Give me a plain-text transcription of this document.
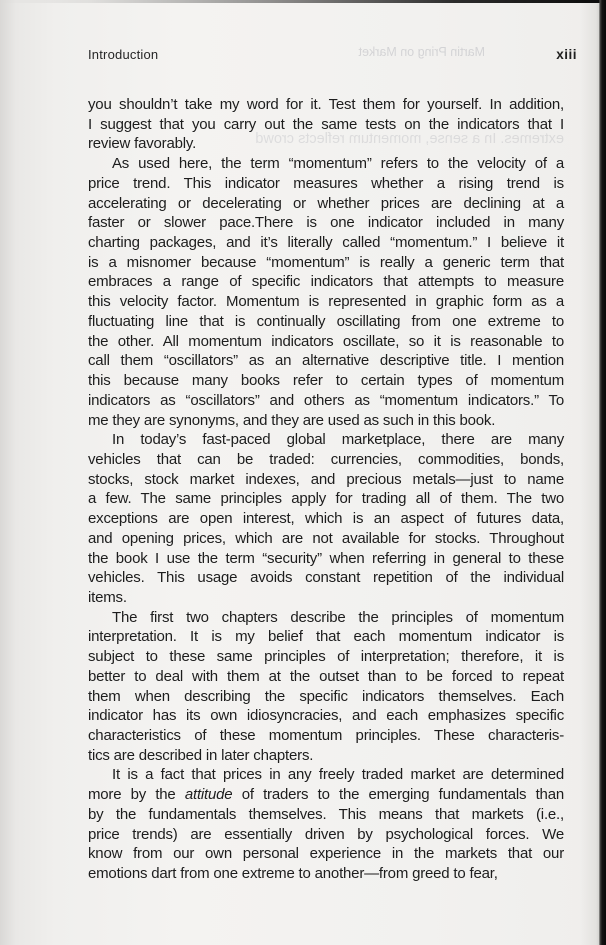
Martin Pring on Market
extremes. In a sense, momentum reflects crowd
Introduction	xiii
you shouldn’t take my word for it. Test them for yourself. In addition,
I suggest that you carry out the same tests on the indicators that I
review favorably.
As used here, the term “momentum” refers to the velocity of a
price trend. This indicator measures whether a rising trend is
accelerating or decelerating or whether prices are declining at a
faster or slower pace.There is one indicator included in many
charting packages, and it’s literally called “momentum.” I believe it
is a misnomer because “momentum” is really a generic term that
embraces a range of specific indicators that attempts to measure
this velocity factor. Momentum is represented in graphic form as a
fluctuating line that is continually oscillating from one extreme to
the other. All momentum indicators oscillate, so it is reasonable to
call them “oscillators” as an alternative descriptive title. I mention
this because many books refer to certain types of momentum
indicators as “oscillators” and others as “momentum indicators.” To
me they are synonyms, and they are used as such in this book.
In today’s fast-paced global marketplace, there are many
vehicles that can be traded: currencies, commodities, bonds,
stocks, stock market indexes, and precious metals—just to name
a few. The same principles apply for trading all of them. The two
exceptions are open interest, which is an aspect of futures data,
and opening prices, which are not available for stocks. Throughout
the book I use the term “security” when referring in general to these
vehicles. This usage avoids constant repetition of the individual
items.
The first two chapters describe the principles of momentum
interpretation. It is my belief that each momentum indicator is
subject to these same principles of interpretation; therefore, it is
better to deal with them at the outset than to be forced to repeat
them when describing the specific indicators themselves. Each
indicator has its own idiosyncracies, and each emphasizes specific
characteristics of these momentum principles. These characteris-
tics are described in later chapters.
It is a fact that prices in any freely traded market are determined
more by the attitude of traders to the emerging fundamentals than
by the fundamentals themselves. This means that markets (i.e.,
price trends) are essentially driven by psychological forces. We
know from our own personal experience in the markets that our
emotions dart from one extreme to another—from greed to fear,
